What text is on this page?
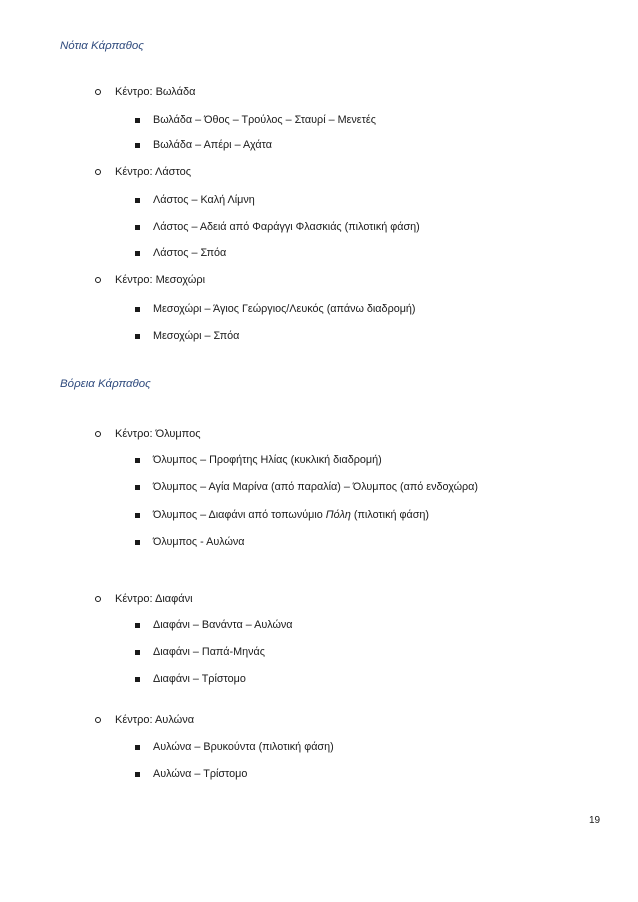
Νότια Κάρπαθος
Κέντρο: Βωλάδα
Βωλάδα – Όθος – Τρούλος – Σταυρί – Μενετές
Βωλάδα – Απέρι – Αχάτα
Κέντρο: Λάστος
Λάστος – Καλή Λίμνη
Λάστος – Αδειά από Φαράγγι Φλασκιάς (πιλοτική φάση)
Λάστος – Σπόα
Κέντρο: Μεσοχώρι
Μεσοχώρι – Άγιος Γεώργιος/Λευκός (απάνω διαδρομή)
Μεσοχώρι – Σπόα
Βόρεια Κάρπαθος
Κέντρο: Όλυμπος
Όλυμπος – Προφήτης Ηλίας (κυκλική διαδρομή)
Όλυμπος – Αγία Μαρίνα (από παραλία) – Όλυμπος (από ενδοχώρα)
Όλυμπος – Διαφάνι από τοπωνύμιο Πόλη (πιλοτική φάση)
Όλυμπος - Αυλώνα
Κέντρο: Διαφάνι
Διαφάνι – Βανάντα – Αυλώνα
Διαφάνι – Παπά-Μηνάς
Διαφάνι – Τρίστομο
Κέντρο: Αυλώνα
Αυλώνα – Βρυκούντα (πιλοτική φάση)
Αυλώνα – Τρίστομο
19
